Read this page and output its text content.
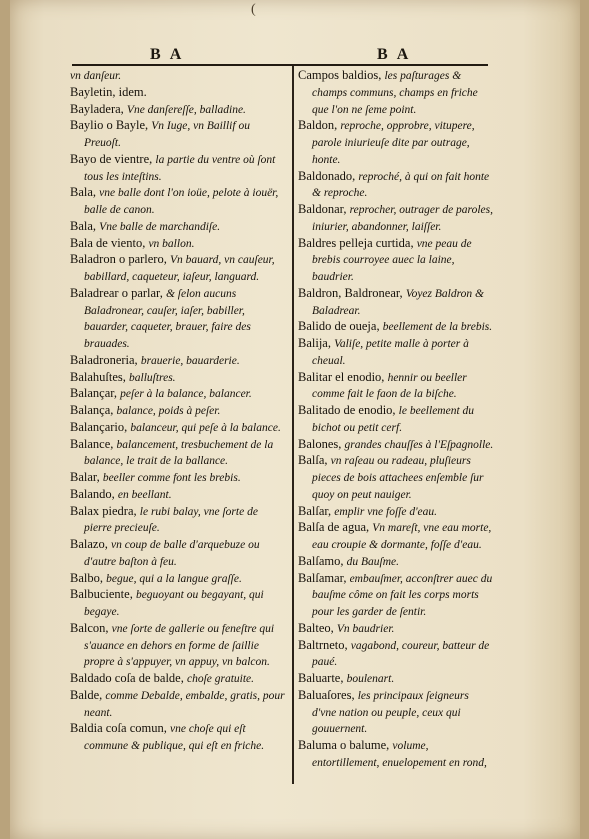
(
B A	B A
vn danſeur.
Bayletin, idem.
Bayladera, Vne danſereſſe, balladine.
Baylio o Bayle, Vn Iuge, vn Baillif ou Preuoſt.
Bayo de vientre, la partie du ventre où ſont tous les inteſtins.
Bala, vne balle dont l'on ioüe, pelote à iouër, balle de canon.
Bala, Vne balle de marchandiſe.
Bala de viento, vn ballon.
Baladron o parlero, Vn bauard, vn cauſeur, babillard, caqueteur, iaſeur, languard.
Baladrear o parlar, & ſelon aucuns Baladronear, cauſer, iaſer, babiller, bauarder, caqueter, brauer, faire des brauades.
Baladroneria, brauerie, bauarderie.
Balahuſtes, balluſtres.
Balançar, peſer à la balance, balancer.
Balança, balance, poids à peſer.
Balançario, balanceur, qui peſe à la balance.
Balance, balancement, tresbuchement de la balance, le trait de la ballance.
Balar, beeller comme font les brebis.
Balando, en beellant.
Balax piedra, le rubi balay, vne ſorte de pierre precieuſe.
Balazo, vn coup de balle d'arquebuze ou d'autre baſton à feu.
Balbo, begue, qui a la langue graſſe.
Balbuciente, beguoyant ou begayant, qui begaye.
Balcon, vne ſorte de gallerie ou feneſtre qui s'auance en dehors en forme de ſaillie propre à s'appuyer, vn appuy, vn balcon.
Baldado coſa de balde, choſe gratuite.
Balde, comme Debalde, embalde, gratis, pour neant.
Baldia coſa comun, vne choſe qui eſt commune & publique, qui eſt en friche.
Campos baldios, les paſturages & champs communs, champs en friche que l'on ne ſeme point.
Baldon, reproche, opprobre, vitupere, parole iniurieuſe dite par outrage, honte.
Baldonado, reproché, à qui on fait honte & reproche.
Baldonar, reprocher, outrager de paroles, iniurier, abandonner, laiſſer.
Baldres pelleja curtida, vne peau de brebis courroyee auec la laine, baudrier.
Baldron, Baldronear, Voyez Baldron & Baladrear.
Balido de oueja, beellement de la brebis.
Balija, Valiſe, petite malle à porter à cheual.
Balitar el enodio, hennir ou beeller comme fait le faon de la biſche.
Balitado de enodio, le beellement du bichot ou petit cerf.
Balones, grandes chauſſes à l'Eſpagnolle.
Balſa, vn raſeau ou radeau, pluſieurs pieces de bois attachees enſemble ſur quoy on peut nauiger.
Balſar, emplir vne foſſe d'eau.
Balſa de agua, Vn mareſt, vne eau morte, eau croupie & dormante, foſſe d'eau.
Balſamo, du Bauſme.
Balſamar, embauſmer, acconſtrer auec du bauſme côme on fait les corps morts pour les garder de ſentir.
Balteo, Vn baudrier.
Baltrneto, vagabond, coureur, batteur de paué.
Baluarte, boulenart.
Baluaſores, les principaux ſeigneurs d'vne nation ou peuple, ceux qui gouuernent.
Baluma o balume, volume, entortillement, enuelopement en rond,
